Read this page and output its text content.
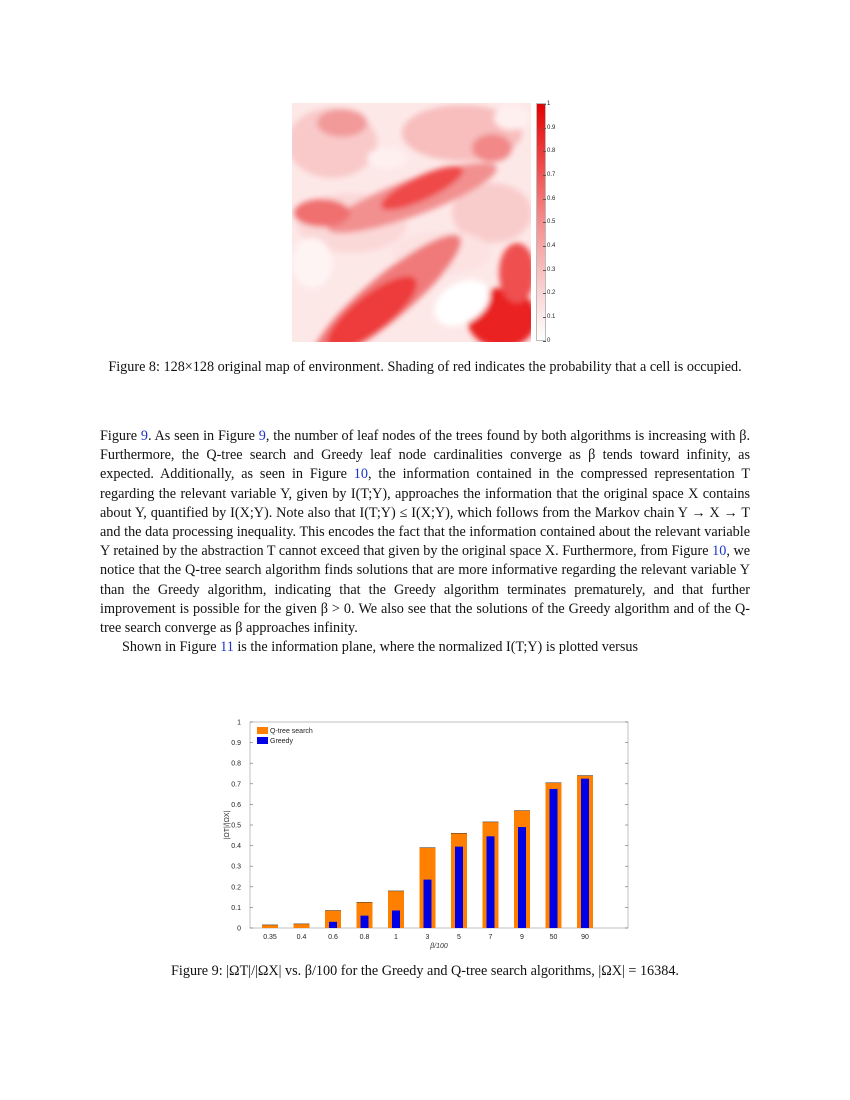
1
0.9
0.8
0.7
0.6
0.5
0.4
0.3
0.2
0.1
0
Figure 8: 128×128 original map of environment. Shading of red indicates the probability that a cell is occupied.

Figure 9. As seen in Figure 9, the number of leaf nodes of the trees found by both algorithms is increasing with β. Furthermore, the Q-tree search and Greedy leaf node cardinalities converge as β tends toward infinity, as expected. Additionally, as seen in Figure 10, the information contained in the compressed representation T regarding the relevant variable Y, given by I(T;Y), approaches the information that the original space X contains about Y, quantified by I(X;Y). Note also that I(T;Y) ≤ I(X;Y), which follows from the Markov chain Y → X → T and the data processing inequality. This encodes the fact that the information contained about the relevant variable Y retained by the abstraction T cannot exceed that given by the original space X. Furthermore, from Figure 10, we notice that the Q-tree search algorithm finds solutions that are more informative regarding the relevant variable Y than the Greedy algorithm, indicating that the Greedy algorithm terminates prematurely, and that further improvement is possible for the given β > 0. We also see that the solutions of the Greedy algorithm and of the Q-tree search converge as β approaches infinity.

Shown in Figure 11 is the information plane, where the normalized I(T;Y) is plotted versus

0
0.1
0.2
0.3
0.4
0.5
0.6
0.7
0.8
0.9
1
0.35	0.4	0.6	0.8	1	3	5	7	9	50	90
β/100
|ΩT|/|ΩX|
Q-tree search
Greedy
Figure 9: |ΩT|/|ΩX| vs. β/100 for the Greedy and Q-tree search algorithms, |ΩX| = 16384.
